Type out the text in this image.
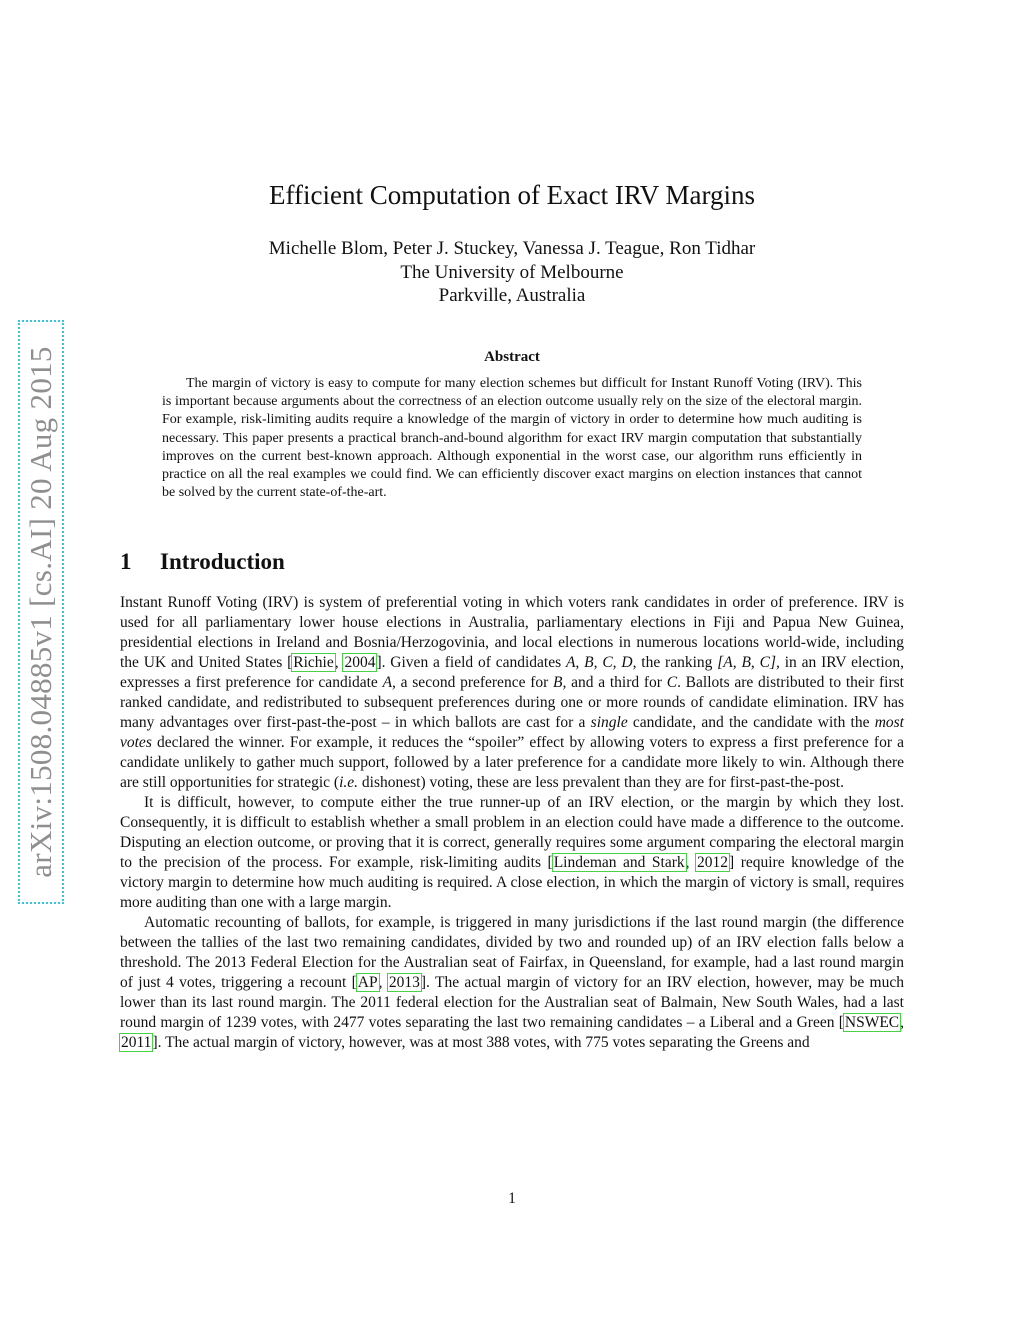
arXiv:1508.04885v1 [cs.AI] 20 Aug 2015
Efficient Computation of Exact IRV Margins
Michelle Blom, Peter J. Stuckey, Vanessa J. Teague, Ron Tidhar
The University of Melbourne
Parkville, Australia
Abstract

The margin of victory is easy to compute for many election schemes but difficult for Instant Runoff Voting (IRV). This is important because arguments about the correctness of an election outcome usually rely on the size of the electoral margin. For example, risk-limiting audits require a knowledge of the margin of victory in order to determine how much auditing is necessary. This paper presents a practical branch-and-bound algorithm for exact IRV margin computation that substantially improves on the current best-known approach. Although exponential in the worst case, our algorithm runs efficiently in practice on all the real examples we could find. We can efficiently discover exact margins on election instances that cannot be solved by the current state-of-the-art.

1 Introduction

Instant Runoff Voting (IRV) is system of preferential voting in which voters rank candidates in order of preference. IRV is used for all parliamentary lower house elections in Australia, parliamentary elections in Fiji and Papua New Guinea, presidential elections in Ireland and Bosnia/Herzogovinia, and local elections in numerous locations world-wide, including the UK and United States [Richie, 2004]. Given a field of candidates A, B, C, D, the ranking [A, B, C], in an IRV election, expresses a first preference for candidate A, a second preference for B, and a third for C. Ballots are distributed to their first ranked candidate, and redistributed to subsequent preferences during one or more rounds of candidate elimination. IRV has many advantages over first-past-the-post – in which ballots are cast for a single candidate, and the candidate with the most votes declared the winner. For example, it reduces the “spoiler” effect by allowing voters to express a first preference for a candidate unlikely to gather much support, followed by a later preference for a candidate more likely to win. Although there are still opportunities for strategic (i.e. dishonest) voting, these are less prevalent than they are for first-past-the-post.

It is difficult, however, to compute either the true runner-up of an IRV election, or the margin by which they lost. Consequently, it is difficult to establish whether a small problem in an election could have made a difference to the outcome. Disputing an election outcome, or proving that it is correct, generally requires some argument comparing the electoral margin to the precision of the process. For example, risk-limiting audits [Lindeman and Stark, 2012] require knowledge of the victory margin to determine how much auditing is required. A close election, in which the margin of victory is small, requires more auditing than one with a large margin.

Automatic recounting of ballots, for example, is triggered in many jurisdictions if the last round margin (the difference between the tallies of the last two remaining candidates, divided by two and rounded up) of an IRV election falls below a threshold. The 2013 Federal Election for the Australian seat of Fairfax, in Queensland, for example, had a last round margin of just 4 votes, triggering a recount [AP, 2013]. The actual margin of victory for an IRV election, however, may be much lower than its last round margin. The 2011 federal election for the Australian seat of Balmain, New South Wales, had a last round margin of 1239 votes, with 2477 votes separating the last two remaining candidates – a Liberal and a Green [NSWEC, 2011]. The actual margin of victory, however, was at most 388 votes, with 775 votes separating the Greens and

1
